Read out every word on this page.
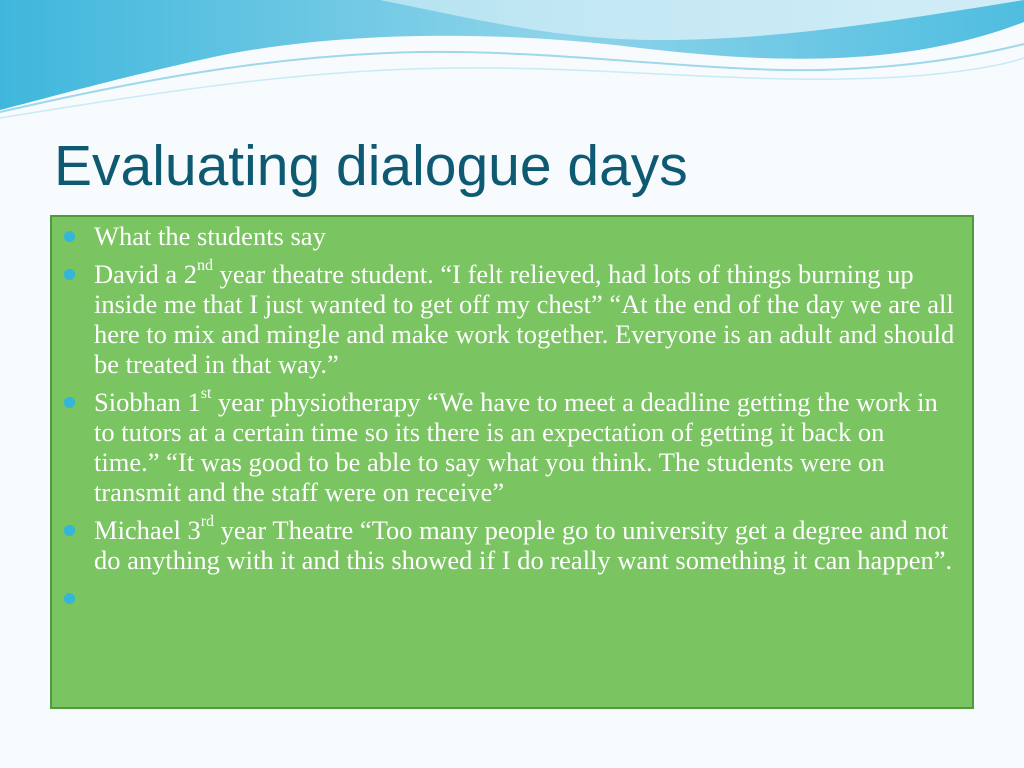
Evaluating dialogue days
What the students say
David a 2nd year theatre student. “I felt relieved, had lots of things burning up inside me that I just wanted to get off my chest” “At the end of the day we are all here to mix and mingle and make work together. Everyone is an adult and should be treated in that way.”
Siobhan 1st year physiotherapy “We have to meet a deadline getting the work in to tutors at a certain time so its there is an expectation of getting it back on time.” “It was good to be able to say what you think. The students were on transmit and the staff were on receive”
Michael 3rd year Theatre “Too many people go to university get a degree and not do anything with it and this showed if I do really want something it can happen”.
